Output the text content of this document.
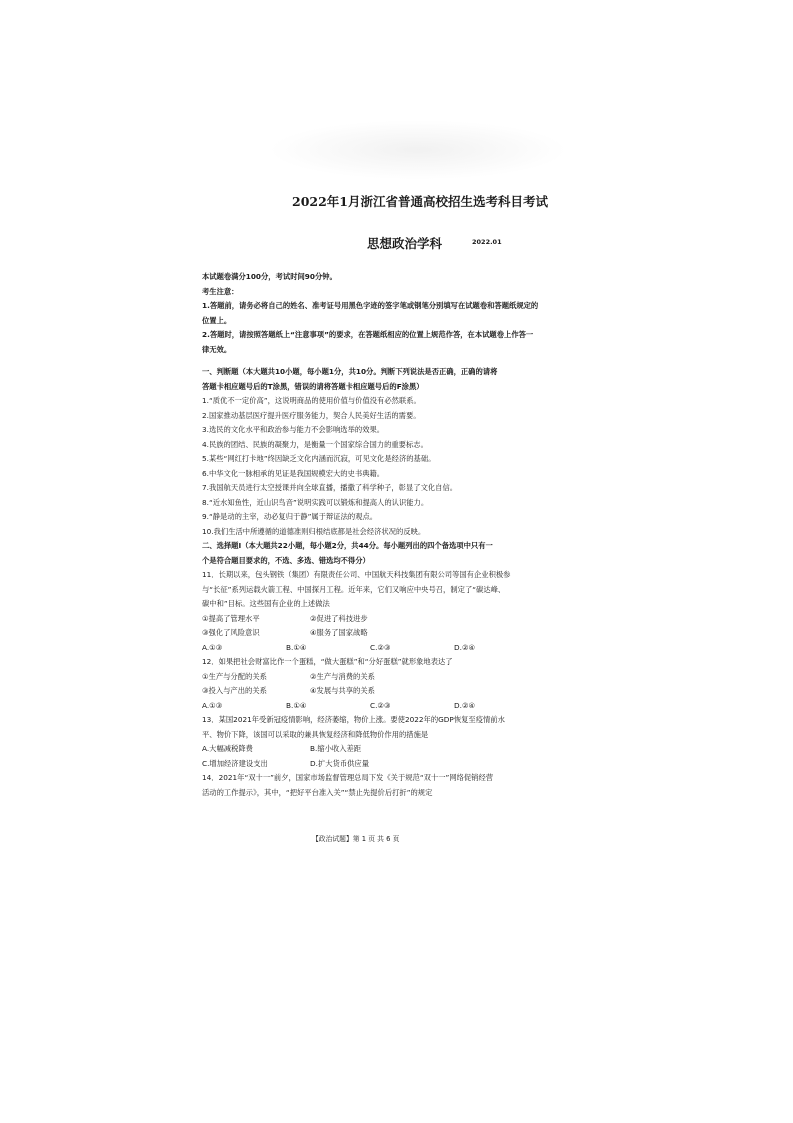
2022年1月浙江省普通高校招生选考科目考试
思想政治学科	2022.01
本试题卷满分100分，考试时间90分钟。
考生注意：
1.答题前，请务必将自己的姓名、准考证号用黑色字迹的签字笔或钢笔分别填写在试题卷和答题纸规定的
位置上。
2.答题时，请按照答题纸上“注意事项”的要求，在答题纸相应的位置上规范作答，在本试题卷上作答一
律无效。
一、判断题（本大题共10小题，每小题1分，共10分。判断下列说法是否正确，正确的请将
答题卡相应题号后的T涂黑，错误的请将答题卡相应题号后的F涂黑）
1.“质优不一定价高”，这说明商品的使用价值与价值没有必然联系。
2.国家推动基层医疗提升医疗服务能力，契合人民美好生活的需要。
3.选民的文化水平和政治参与能力不会影响选举的效果。
4.民族的团结、民族的凝聚力，是衡量一个国家综合国力的重要标志。
5.某些“网红打卡地”终因缺乏文化内涵而沉寂，可见文化是经济的基础。
6.中华文化一脉相承的见证是我国规模宏大的史书典籍。
7.我国航天员进行太空授课并向全球直播，播撒了科学种子，彰显了文化自信。
8.“近水知鱼性，近山识鸟音”说明实践可以锻炼和提高人的认识能力。
9.“静是动的主宰，动必复归于静”属于辩证法的观点。
10.我们生活中所遵循的道德准则归根结底都是社会经济状况的反映。
二、选择题Ⅰ（本大题共22小题，每小题2分，共44分。每小题列出的四个备选项中只有一
个是符合题目要求的，不选、多选、错选均不得分）
11．长期以来，包头钢铁（集团）有限责任公司、中国航天科技集团有限公司等国有企业积极参
与“长征”系列运载火箭工程、中国探月工程。近年来，它们又响应中央号召，制定了“碳达峰、
碳中和”目标。这些国有企业的上述做法
①提高了管理水平	②促进了科技进步
③强化了风险意识	④服务了国家战略
A.①③	B.①④	C.②③	D.②④
12．如果把社会财富比作一个蛋糕，“做大蛋糕”和“分好蛋糕”就形象地表达了
①生产与分配的关系	②生产与消费的关系
③投入与产出的关系	④发展与共享的关系
A.①③	B.①④	C.②③	D.②④
13．某国2021年受新冠疫情影响，经济萎缩，物价上涨。要使2022年的GDP恢复至疫情前水
平、物价下降，该国可以采取的兼具恢复经济和降低物价作用的措施是
A.大幅减税降费	B.缩小收入差距
C.增加经济建设支出	D.扩大货币供应量
14．2021年“双十一”前夕，国家市场监督管理总局下发《关于规范“双十一”网络促销经营
活动的工作提示》，其中，“把好平台准入关”“禁止先提价后打折”的规定
【政治试题】第 1 页 共 6 页
